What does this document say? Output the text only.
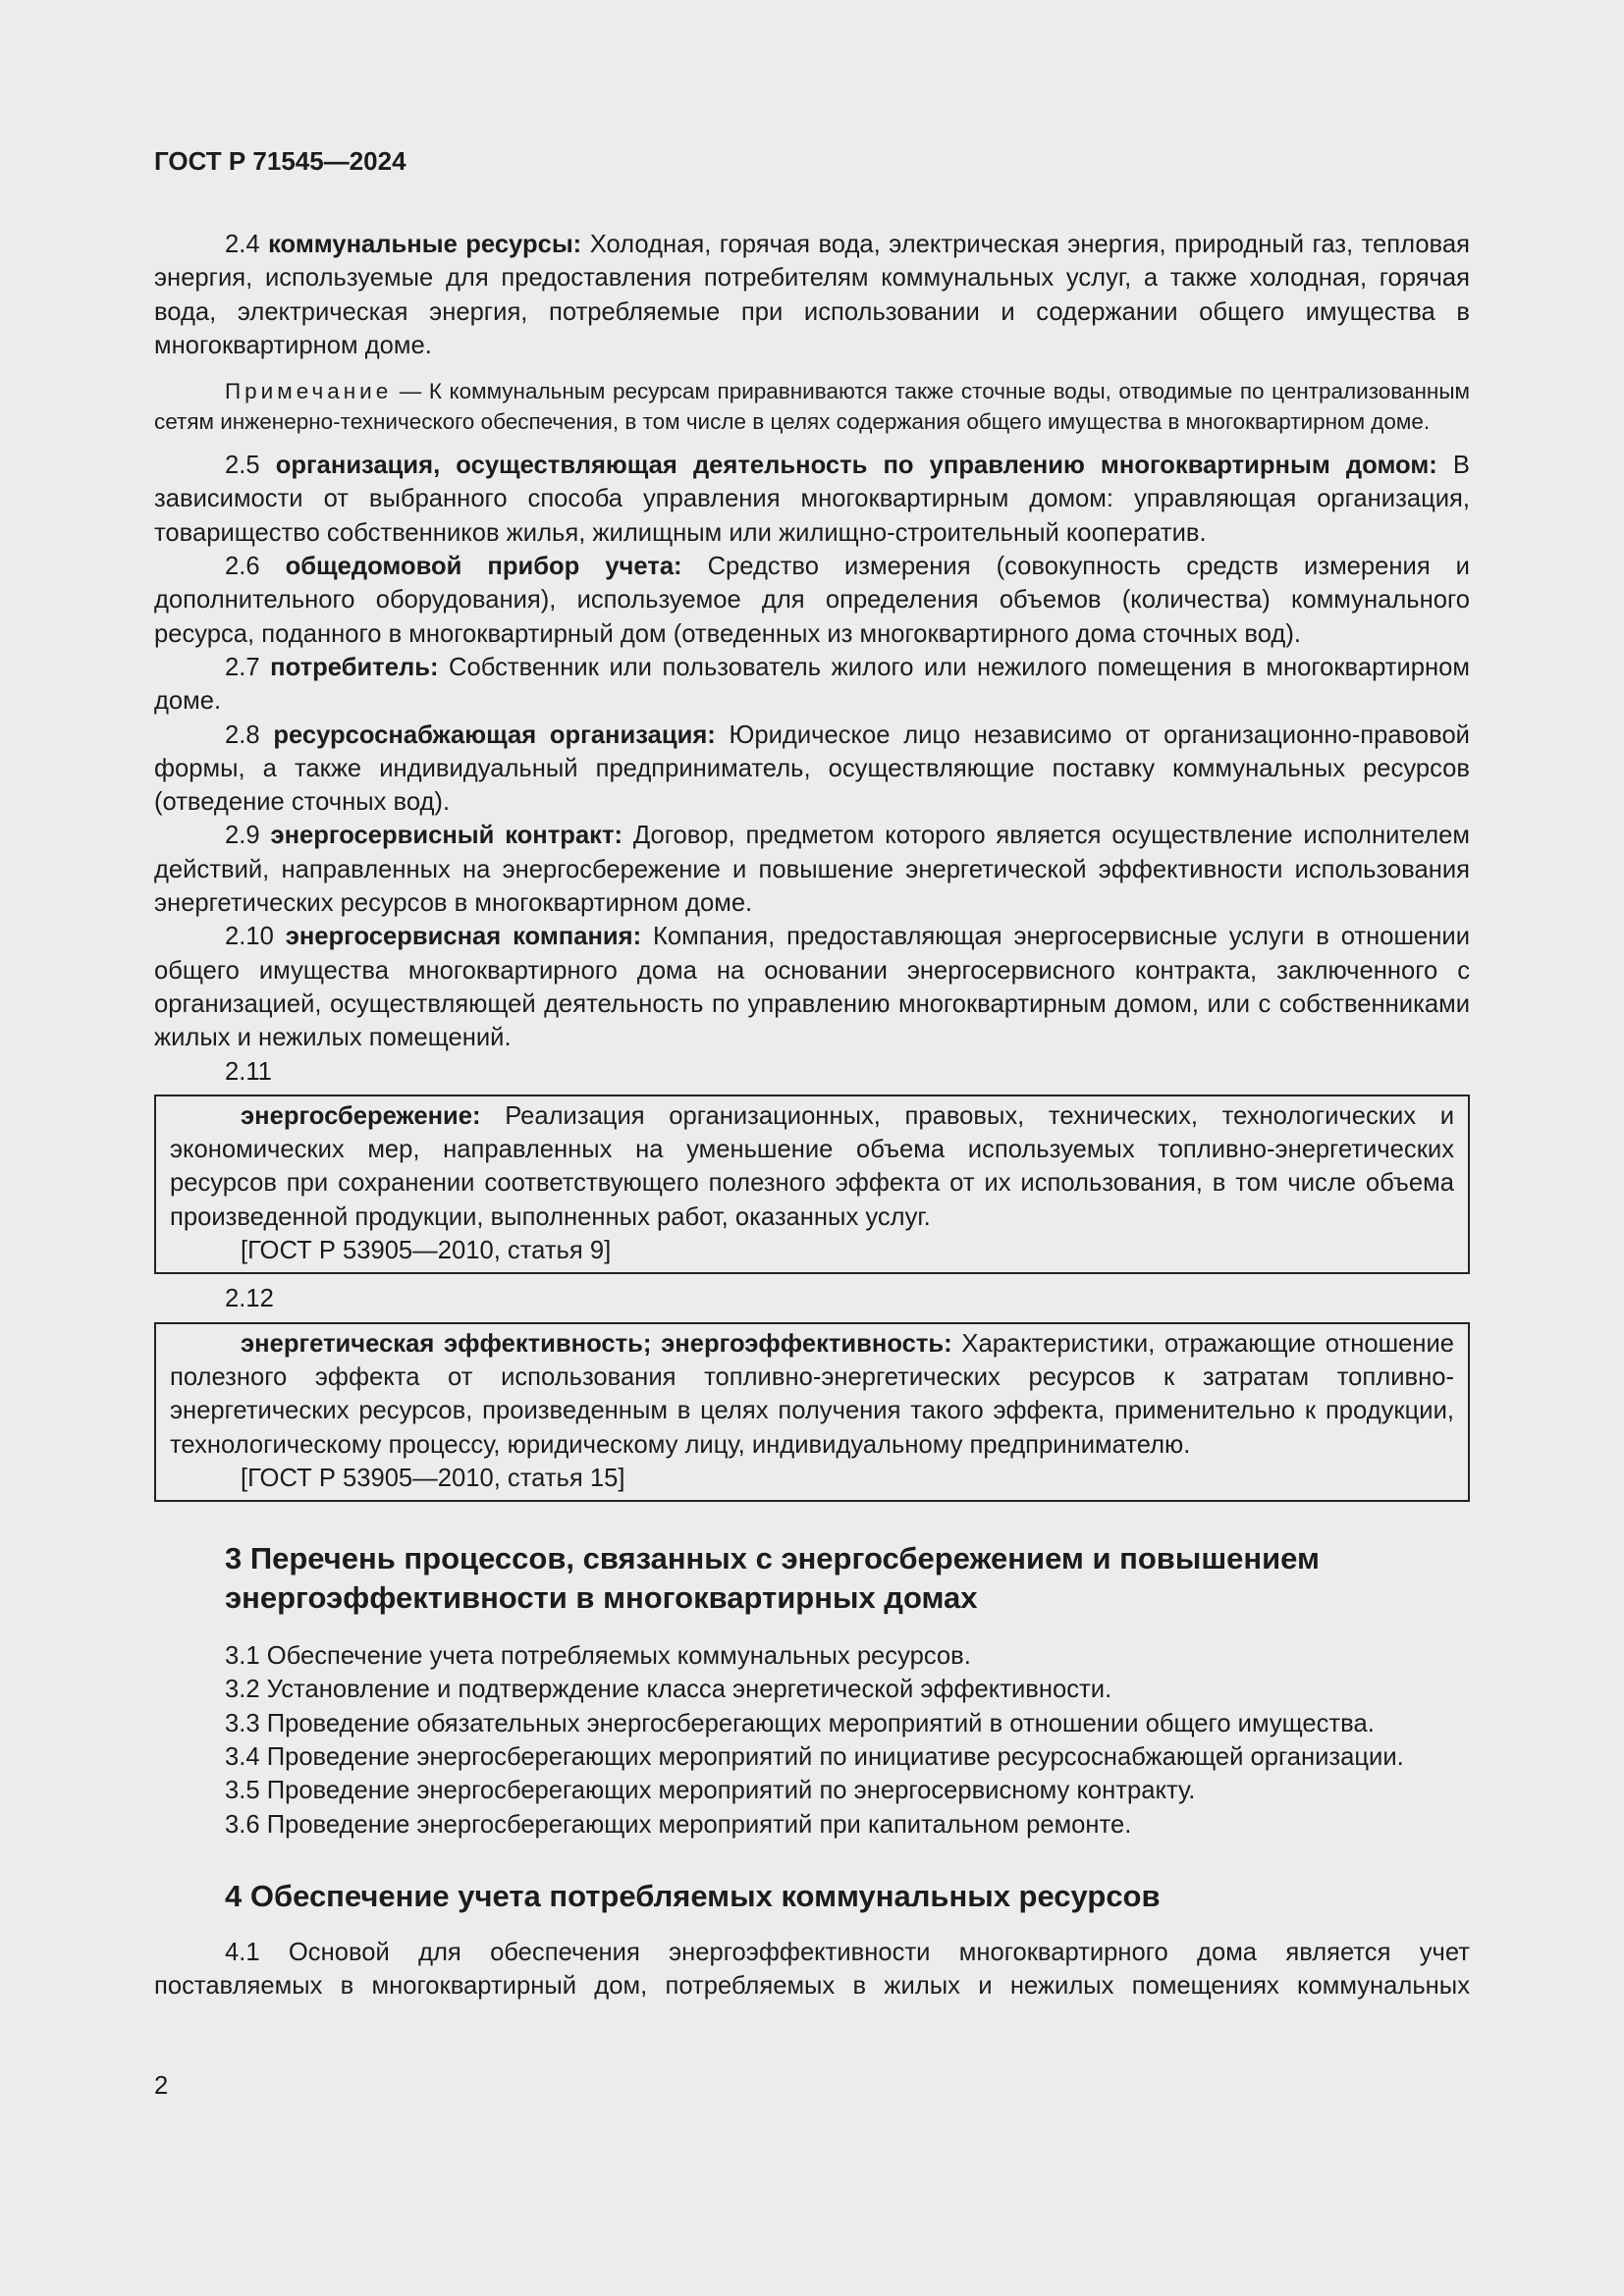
ГОСТ Р 71545—2024

2.4 коммунальные ресурсы: Холодная, горячая вода, электрическая энергия, природный газ, тепловая энергия, используемые для предоставления потребителям коммунальных услуг, а также холодная, горячая вода, электрическая энергия, потребляемые при использовании и содержании общего имущества в многоквартирном доме.

Примечание — К коммунальным ресурсам приравниваются также сточные воды, отводимые по централизованным сетям инженерно-технического обеспечения, в том числе в целях содержания общего имущества в многоквартирном доме.

2.5 организация, осуществляющая деятельность по управлению многоквартирным домом: В зависимости от выбранного способа управления многоквартирным домом: управляющая организация, товарищество собственников жилья, жилищным или жилищно-строительный кооператив.

2.6 общедомовой прибор учета: Средство измерения (совокупность средств измерения и дополнительного оборудования), используемое для определения объемов (количества) коммунального ресурса, поданного в многоквартирный дом (отведенных из многоквартирного дома сточных вод).

2.7 потребитель: Собственник или пользователь жилого или нежилого помещения в многоквартирном доме.

2.8 ресурсоснабжающая организация: Юридическое лицо независимо от организационно-правовой формы, а также индивидуальный предприниматель, осуществляющие поставку коммунальных ресурсов (отведение сточных вод).

2.9 энергосервисный контракт: Договор, предметом которого является осуществление исполнителем действий, направленных на энергосбережение и повышение энергетической эффективности использования энергетических ресурсов в многоквартирном доме.

2.10 энергосервисная компания: Компания, предоставляющая энергосервисные услуги в отношении общего имущества многоквартирного дома на основании энергосервисного контракта, заключенного с организацией, осуществляющей деятельность по управлению многоквартирным домом, или с собственниками жилых и нежилых помещений.

2.11

энергосбережение: Реализация организационных, правовых, технических, технологических и экономических мер, направленных на уменьшение объема используемых топливно-энергетических ресурсов при сохранении соответствующего полезного эффекта от их использования, в том числе объема произведенной продукции, выполненных работ, оказанных услуг.

[ГОСТ Р 53905—2010, статья 9]

2.12

энергетическая эффективность; энергоэффективность: Характеристики, отражающие отношение полезного эффекта от использования топливно-энергетических ресурсов к затратам топливно-энергетических ресурсов, произведенным в целях получения такого эффекта, применительно к продукции, технологическому процессу, юридическому лицу, индивидуальному предпринимателю.

[ГОСТ Р 53905—2010, статья 15]

3 Перечень процессов, связанных с энергосбережением и повышением энергоэффективности в многоквартирных домах

3.1 Обеспечение учета потребляемых коммунальных ресурсов.

3.2 Установление и подтверждение класса энергетической эффективности.

3.3 Проведение обязательных энергосберегающих мероприятий в отношении общего имущества.

3.4 Проведение энергосберегающих мероприятий по инициативе ресурсоснабжающей организации.

3.5 Проведение энергосберегающих мероприятий по энергосервисному контракту.

3.6 Проведение энергосберегающих мероприятий при капитальном ремонте.

4 Обеспечение учета потребляемых коммунальных ресурсов

4.1 Основой для обеспечения энергоэффективности многоквартирного дома является учет поставляемых в многоквартирный дом, потребляемых в жилых и нежилых помещениях коммунальных

2
